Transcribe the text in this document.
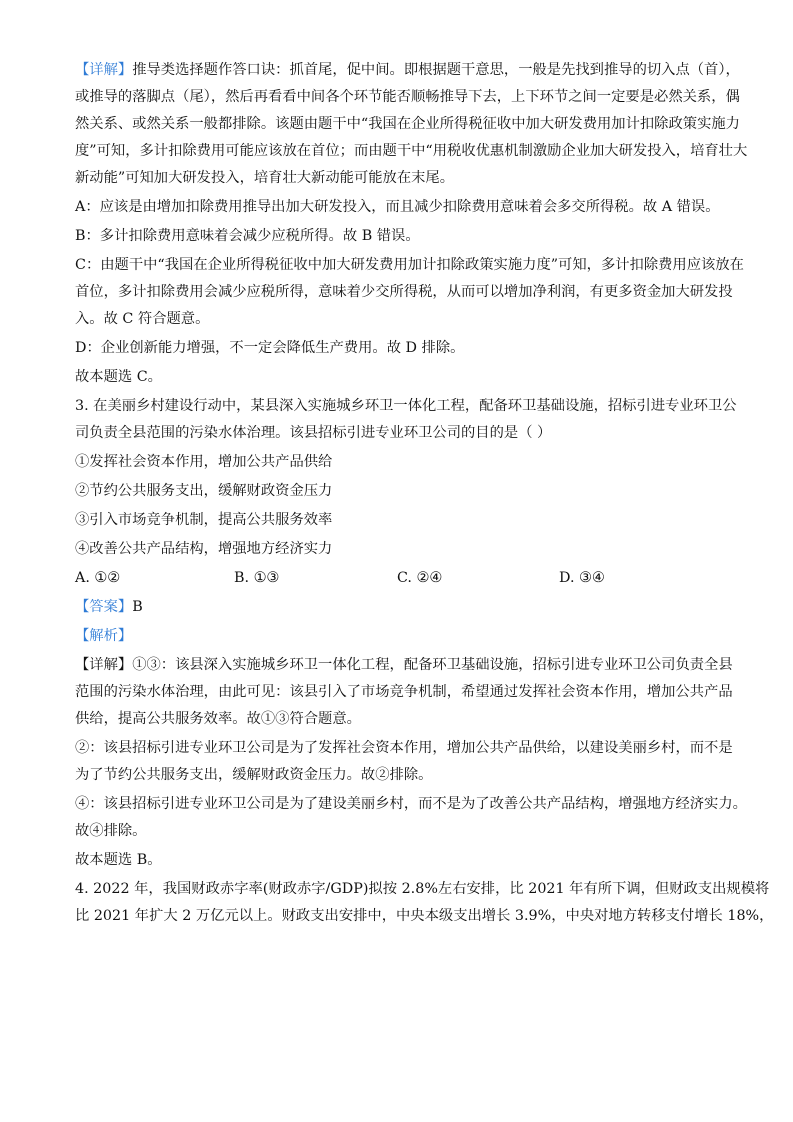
【详解】推导类选择题作答口诀：抓首尾，促中间。即根据题干意思，一般是先找到推导的切入点（首），

或推导的落脚点（尾），然后再看看中间各个环节能否顺畅推导下去，上下环节之间一定要是必然关系，偶

然关系、或然关系一般都排除。该题由题干中“我国在企业所得税征收中加大研发费用加计扣除政策实施力

度”可知，多计扣除费用可能应该放在首位；而由题干中“用税收优惠机制激励企业加大研发投入，培育壮大

新动能”可知加大研发投入，培育壮大新动能可能放在末尾。

A：应该是由增加扣除费用推导出加大研发投入，而且减少扣除费用意味着会多交所得税。故 A 错误。

B：多计扣除费用意味着会减少应税所得。故 B 错误。

C：由题干中“我国在企业所得税征收中加大研发费用加计扣除政策实施力度”可知，多计扣除费用应该放在

首位，多计扣除费用会减少应税所得，意味着少交所得税，从而可以增加净利润，有更多资金加大研发投

入。故 C 符合题意。

D：企业创新能力增强，不一定会降低生产费用。故 D 排除。

故本题选 C。

3. 在美丽乡村建设行动中，某县深入实施城乡环卫一体化工程，配备环卫基础设施，招标引进专业环卫公

司负责全县范围的污染水体治理。该县招标引进专业环卫公司的目的是（ ）

①发挥社会资本作用，增加公共产品供给

②节约公共服务支出，缓解财政资金压力

③引入市场竞争机制，提高公共服务效率

④改善公共产品结构，增强地方经济实力

A. ①②	B. ①③	C. ②④	D. ③④

【答案】B

【解析】

【详解】①③：该县深入实施城乡环卫一体化工程，配备环卫基础设施，招标引进专业环卫公司负责全县

范围的污染水体治理，由此可见：该县引入了市场竞争机制，希望通过发挥社会资本作用，增加公共产品

供给，提高公共服务效率。故①③符合题意。

②：该县招标引进专业环卫公司是为了发挥社会资本作用，增加公共产品供给，以建设美丽乡村，而不是

为了节约公共服务支出，缓解财政资金压力。故②排除。

④：该县招标引进专业环卫公司是为了建设美丽乡村，而不是为了改善公共产品结构，增强地方经济实力。

故④排除。

故本题选 B。

4. 2022 年，我国财政赤字率(财政赤字/GDP)拟按 2.8%左右安排，比 2021 年有所下调，但财政支出规模将

比 2021 年扩大 2 万亿元以上。财政支出安排中，中央本级支出增长 3.9%，中央对地方转移支付增长 18%，
